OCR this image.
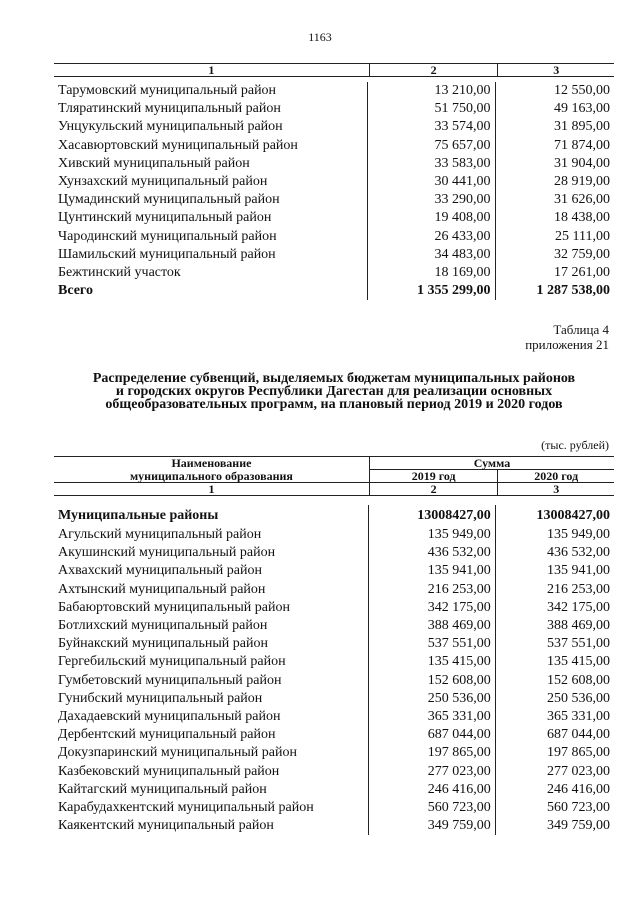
1163
1	2	3
Тарумовский муниципальный район	13 210,00	12 550,00
Тляратинский муниципальный район	51 750,00	49 163,00
Унцукульский муниципальный район	33 574,00	31 895,00
Хасавюртовский муниципальный район	75 657,00	71 874,00
Хивский муниципальный район	33 583,00	31 904,00
Хунзахский муниципальный район	30 441,00	28 919,00
Цумадинский муниципальный район	33 290,00	31 626,00
Цунтинский муниципальный район	19 408,00	18 438,00
Чародинский муниципальный район	26 433,00	25 111,00
Шамильский муниципальный район	34 483,00	32 759,00
Бежтинский участок	18 169,00	17 261,00
Всего	1 355 299,00	1 287 538,00
Таблица 4
приложения 21
Распределение субвенций, выделяемых бюджетам муниципальных районов
и городских округов Республики Дагестан для реализации основных
общеобразовательных программ, на плановый период 2019 и 2020 годов
(тыс. рублей)
Наименование	Сумма	
муниципального образования	2019 год	2020 год
1	2	3
Муниципальные районы	13008427,00	13008427,00
Агульский муниципальный район	135 949,00	135 949,00
Акушинский муниципальный район	436 532,00	436 532,00
Ахвахский муниципальный район	135 941,00	135 941,00
Ахтынский муниципальный район	216 253,00	216 253,00
Бабаюртовский муниципальный район	342 175,00	342 175,00
Ботлихский муниципальный район	388 469,00	388 469,00
Буйнакский муниципальный район	537 551,00	537 551,00
Гергебильский муниципальный район	135 415,00	135 415,00
Гумбетовский муниципальный район	152 608,00	152 608,00
Гунибский муниципальный район	250 536,00	250 536,00
Дахадаевский муниципальный район	365 331,00	365 331,00
Дербентский муниципальный район	687 044,00	687 044,00
Докузпаринский муниципальный район	197 865,00	197 865,00
Казбековский муниципальный район	277 023,00	277 023,00
Кайтагский муниципальный район	246 416,00	246 416,00
Карабудахкентский муниципальный район	560 723,00	560 723,00
Каякентский муниципальный район	349 759,00	349 759,00
